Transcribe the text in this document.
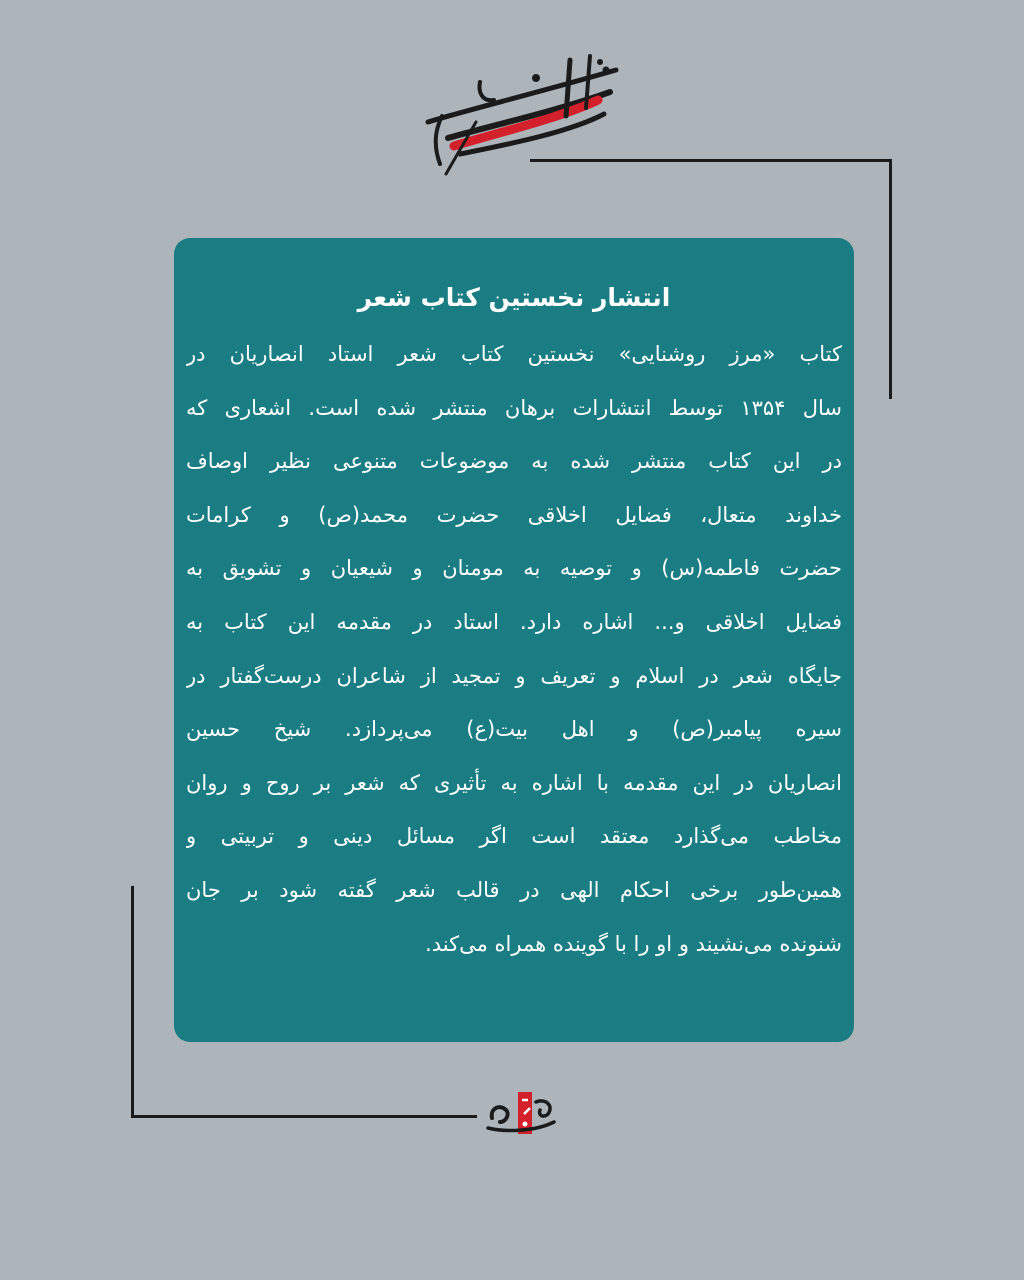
انتشار نخستین کتاب شعر
کتاب «مرز روشنایی» نخستین کتاب شعر استاد انصاریان در
سال ۱۳۵۴ توسط انتشارات برهان منتشر شده است. اشعاری که
در این کتاب منتشر شده به موضوعات متنوعی نظیر اوصاف
خداوند متعال، فضایل اخلاقی حضرت محمد(ص) و کرامات
حضرت فاطمه(س) و توصیه به مومنان و شیعیان و تشویق به
فضایل اخلاقی و... اشاره دارد. استاد در مقدمه این کتاب به
جایگاه شعر در اسلام و تعریف و تمجید از شاعران درست‌گفتار در
سیره پیامبر(ص) و اهل بیت(ع) می‌پردازد. شیخ حسین
انصاریان در این مقدمه با اشاره به تأثیری که شعر بر روح و روان
مخاطب می‌گذارد معتقد است اگر مسائل دینی و تربیتی و
همین‌طور برخی احکام الهی در قالب شعر گفته شود بر جان
شنونده می‌نشیند و او را با گوینده همراه می‌کند.
